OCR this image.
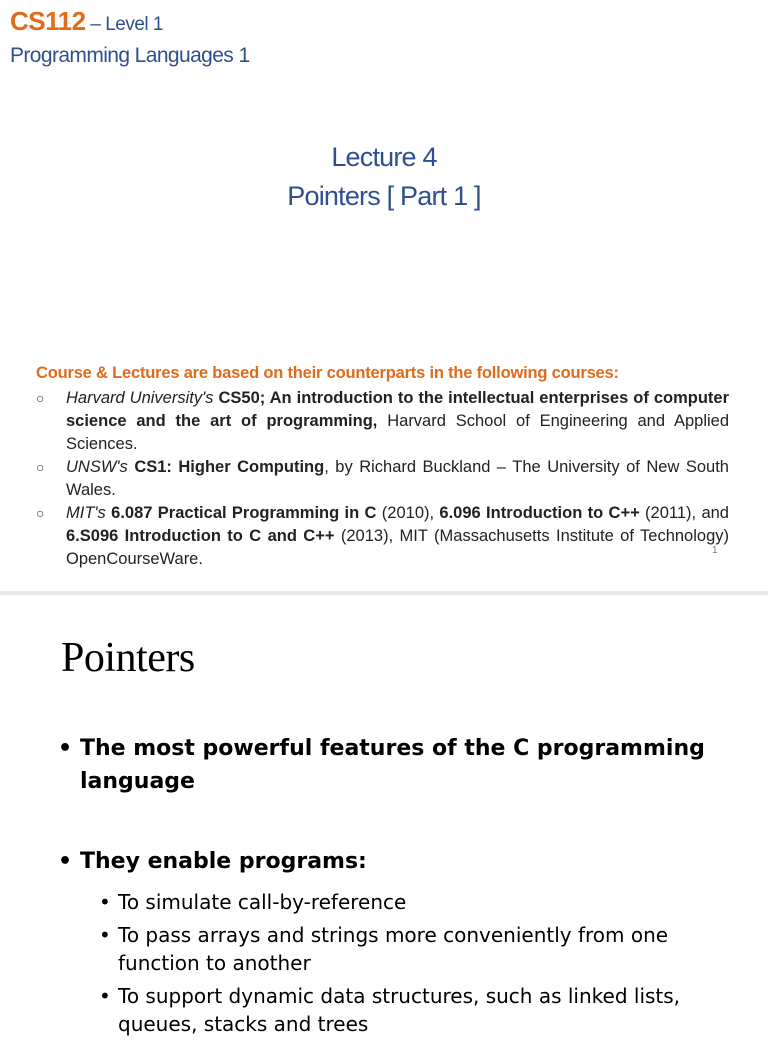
CS112 – Level 1
Programming Languages 1
Lecture 4
Pointers [ Part 1 ]
Course & Lectures are based on their counterparts in the following courses:
○ Harvard University's CS50; An introduction to the intellectual enterprises of computer science and the art of programming, Harvard School of Engineering and Applied Sciences.
○ UNSW's CS1: Higher Computing, by Richard Buckland – The University of New South Wales.
○ MIT's 6.087 Practical Programming in C (2010), 6.096 Introduction to C++ (2011), and 6.S096 Introduction to C and C++ (2013), MIT (Massachusetts Institute of Technology) OpenCourseWare.	1
Pointers
• The most powerful features of the C programming language
• They enable programs:
• To simulate call-by-reference
• To pass arrays and strings more conveniently from one function to another
• To support dynamic data structures, such as linked lists, queues, stacks and trees
